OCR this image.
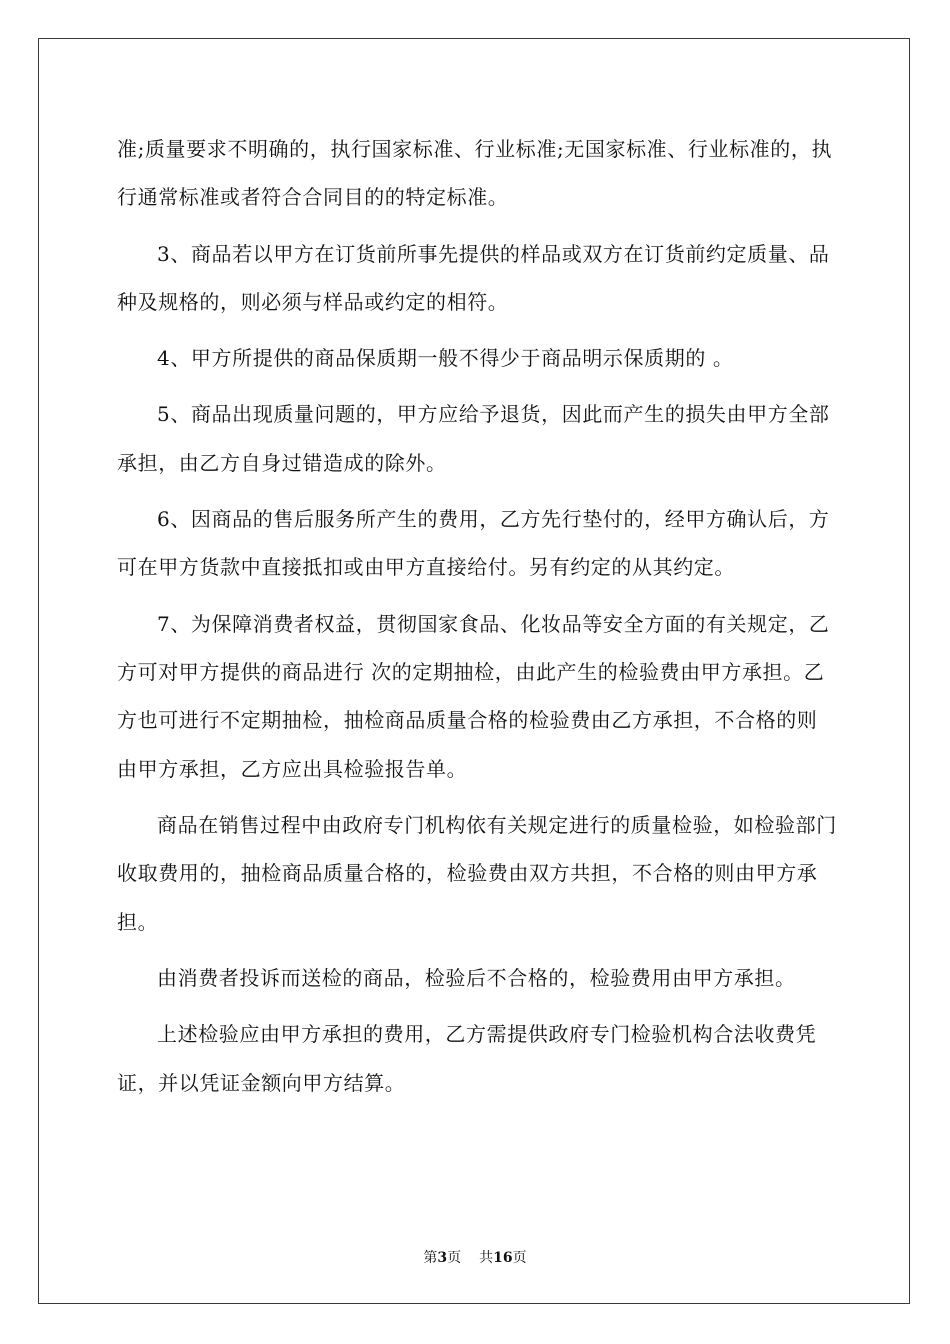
准;质量要求不明确的，执行国家标准、行业标准;无国家标准、行业标准的，执行通常标准或者符合合同目的的特定标准。

3、商品若以甲方在订货前所事先提供的样品或双方在订货前约定质量、品种及规格的，则必须与样品或约定的相符。

4、甲方所提供的商品保质期一般不得少于商品明示保质期的 。

5、商品出现质量问题的，甲方应给予退货，因此而产生的损失由甲方全部承担，由乙方自身过错造成的除外。

6、因商品的售后服务所产生的费用，乙方先行垫付的，经甲方确认后，方可在甲方货款中直接抵扣或由甲方直接给付。另有约定的从其约定。

7、为保障消费者权益，贯彻国家食品、化妆品等安全方面的有关规定，乙方可对甲方提供的商品进行 次的定期抽检，由此产生的检验费由甲方承担。乙方也可进行不定期抽检，抽检商品质量合格的检验费由乙方承担，不合格的则由甲方承担，乙方应出具检验报告单。

商品在销售过程中由政府专门机构依有关规定进行的质量检验，如检验部门收取费用的，抽检商品质量合格的，检验费由双方共担，不合格的则由甲方承担。

由消费者投诉而送检的商品，检验后不合格的，检验费用由甲方承担。

上述检验应由甲方承担的费用，乙方需提供政府专门检验机构合法收费凭证，并以凭证金额向甲方结算。

第3页 共16页
